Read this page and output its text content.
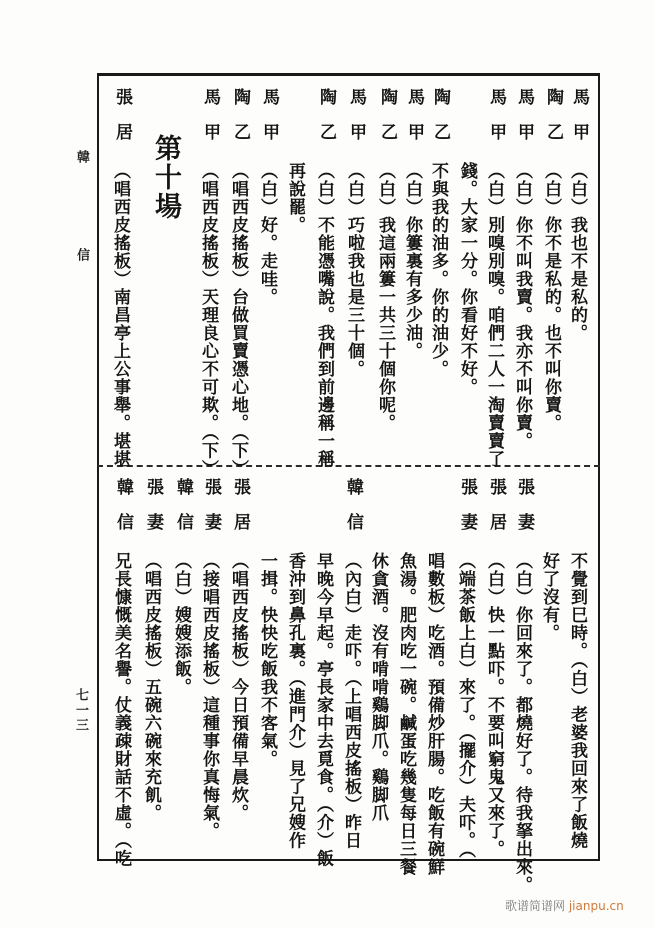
韓
信
七一三
馬甲
（白）我也不是私的。
陶乙
（白）你不是私的。也不叫你賣。
馬甲
（白）你不叫我賣。我亦不叫你賣。
馬甲
（白）別嗅別嗅。咱們二人一淘賣賣了
錢。大家一分。你看好不好。
陶乙
不與我的油多。你的油少。
馬甲
（白）你簍裏有多少油。
陶乙
（白）我這兩簍一共三十個你呢。
馬甲
（白）巧啦我也是三十個。
陶乙
（白）不能憑嘴說。我們到前邊稱一稱
再說罷。
馬甲
（白）好。走哇。
陶乙
（唱西皮搖板）台做買賣憑心地。（下）
馬甲
（唱西皮搖板）天理良心不可欺。（下）
第十場
張居
（唱西皮搖板）南昌亭上公事舉。堪堪
不覺到巳時。（白）老婆我回來了飯燒
好了沒有。
張妻
（白）你回來了。都燒好了。待我拏出來。
張居
（白）快一點吓。不要叫窮鬼又來了。
張妻
（端茶飯上白）來了。（擺介）夫吓。（
唱數板）吃酒。預備炒肝腸。吃飯有碗鮮
魚湯。肥肉吃一碗。鹹蛋吃幾隻每日三餐
休貪酒。沒有啃啃鷄脚爪。鷄脚爪
韓信
（內白）走吓。（上唱西皮搖板）昨日
早晚今早起。亭長家中去覓食。（介）飯
香沖到鼻孔裏。（進門介）見了兄嫂作
一揖。快快吃飯我不客氣。
張居
（唱西皮搖板）今日預備早晨炊。
張妻
（接唱西皮搖板）這種事你真悔氣。
韓信
（白）嫂嫂添飯。
張妻
（唱西皮搖板）五碗六碗來充飢。
韓信
兄長慷慨美名譽。仗義疎財話不虛。（吃
歌谱简谱网 jianpu.cn
